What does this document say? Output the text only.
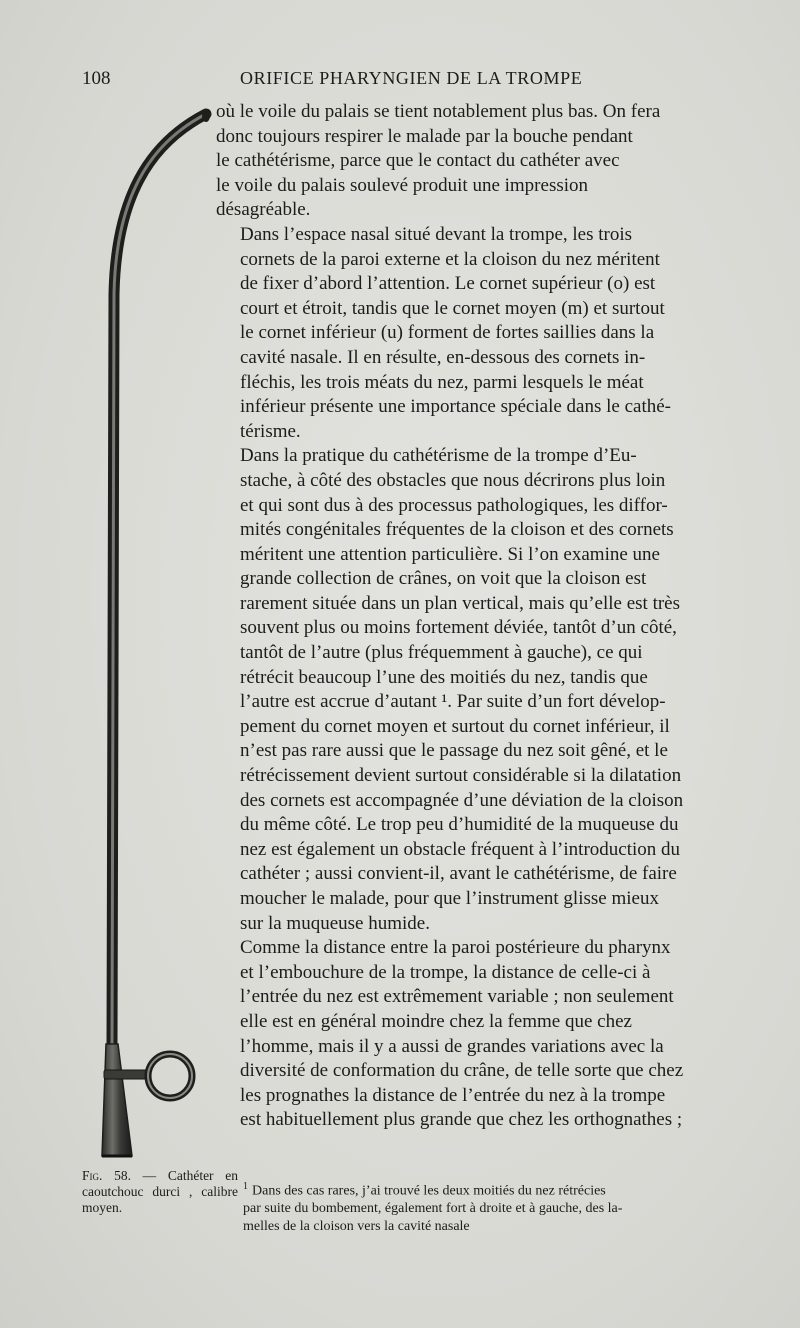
108	ORIFICE PHARYNGIEN DE LA TROMPE
Fig. 58. — Cathéter en caoutchouc durci , calibre moyen.

où le voile du palais se tient notablement plus bas. On fera
donc toujours respirer le malade par la bouche pendant
le cathétérisme, parce que le contact du cathéter avec
le voile du palais soulevé produit une impression
désagréable.

Dans l’espace nasal situé devant la trompe, les trois
cornets de la paroi externe et la cloison du nez méritent
de fixer d’abord l’attention. Le cornet supérieur (o) est
court et étroit, tandis que le cornet moyen (m) et surtout
le cornet inférieur (u) forment de fortes saillies dans la
cavité nasale. Il en résulte, en-dessous des cornets in-
fléchis, les trois méats du nez, parmi lesquels le méat
inférieur présente une importance spéciale dans le cathé-
térisme.

Dans la pratique du cathétérisme de la trompe d’Eu-
stache, à côté des obstacles que nous décrirons plus loin
et qui sont dus à des processus pathologiques, les diffor-
mités congénitales fréquentes de la cloison et des cornets
méritent une attention particulière. Si l’on examine une
grande collection de crânes, on voit que la cloison est
rarement située dans un plan vertical, mais qu’elle est très
souvent plus ou moins fortement déviée, tantôt d’un côté,
tantôt de l’autre (plus fréquemment à gauche), ce qui
rétrécit beaucoup l’une des moitiés du nez, tandis que
l’autre est accrue d’autant ¹. Par suite d’un fort dévelop-
pement du cornet moyen et surtout du cornet inférieur, il
n’est pas rare aussi que le passage du nez soit gêné, et le
rétrécissement devient surtout considérable si la dilatation
des cornets est accompagnée d’une déviation de la cloison
du même côté. Le trop peu d’humidité de la muqueuse du
nez est également un obstacle fréquent à l’introduction du
cathéter ; aussi convient-il, avant le cathétérisme, de faire
moucher le malade, pour que l’instrument glisse mieux
sur la muqueuse humide.

Comme la distance entre la paroi postérieure du pharynx
et l’embouchure de la trompe, la distance de celle-ci à
l’entrée du nez est extrêmement variable ; non seulement
elle est en général moindre chez la femme que chez
l’homme, mais il y a aussi de grandes variations avec la
diversité de conformation du crâne, de telle sorte que chez
les prognathes la distance de l’entrée du nez à la trompe
est habituellement plus grande que chez les orthognathes ;

$^1$ Dans des cas rares, j’ai trouvé les deux moitiés du nez rétrécies
par suite du bombement, également fort à droite et à gauche, des la-
melles de la cloison vers la cavité nasale
